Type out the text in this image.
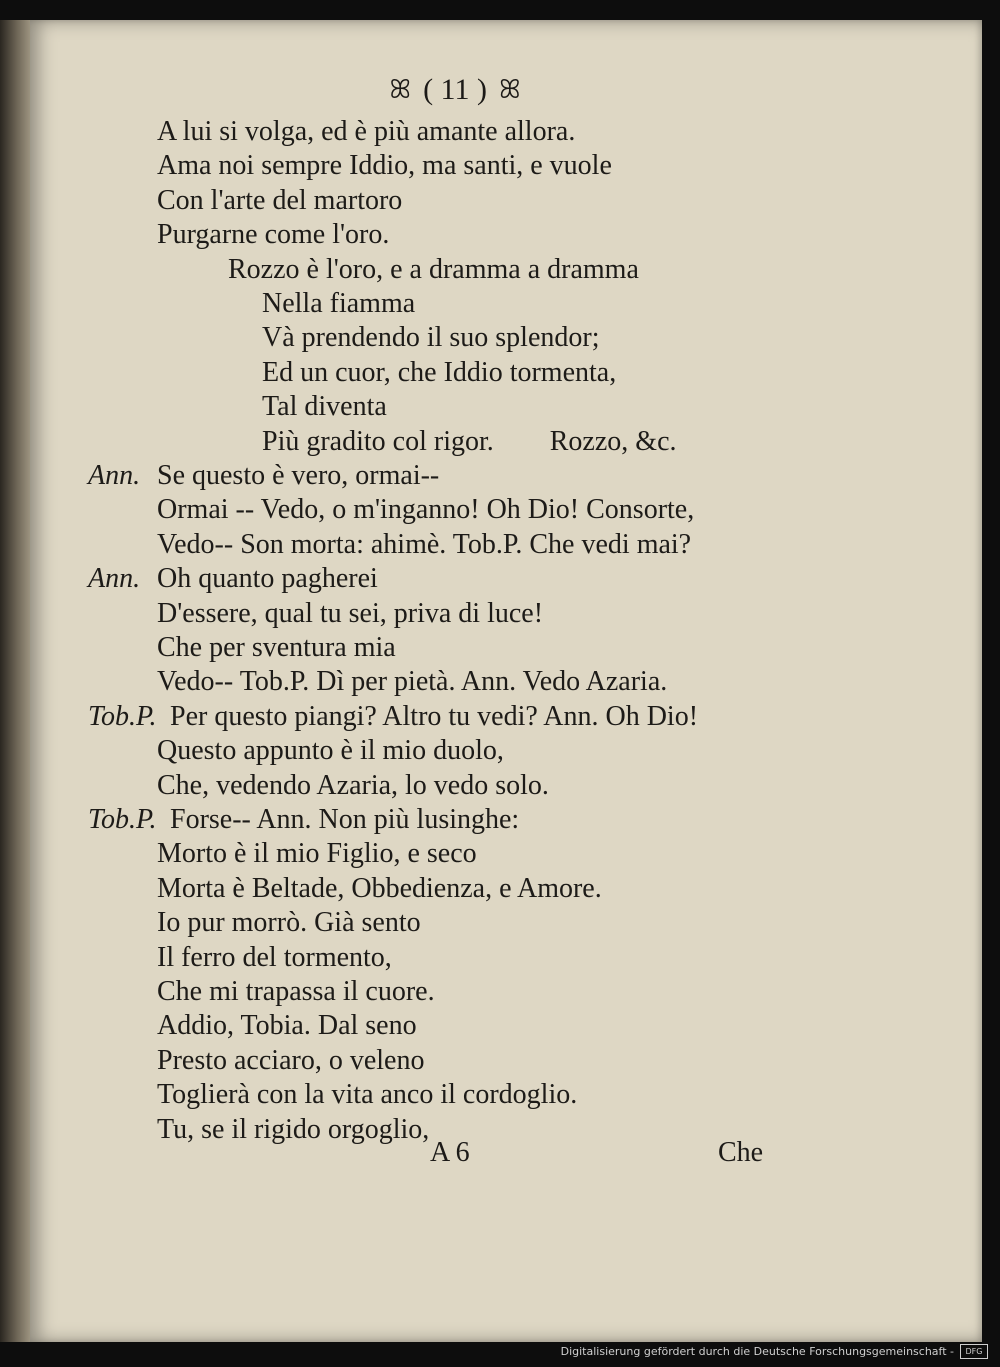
ꕤ ( 11 ) ꕤ
A lui si volga, ed è più amante allora.
Ama noi sempre Iddio, ma santi, e vuole
Con l'arte del martoro
Purgarne come l'oro.
Rozzo è l'oro, e a dramma a dramma
Nella fiamma
Và prendendo il suo splendor;
Ed un cuor, che Iddio tormenta,
Tal diventa
Più gradito col rigor.        Rozzo, &c.
Ann. Se questo è vero, ormai--
Ormai -- Vedo, o m'inganno! Oh Dio! Consorte,
Vedo-- Son morta: ahimè. Tob.P. Che vedi mai?
Ann. Oh quanto pagherei
D'essere, qual tu sei, priva di luce!
Che per sventura mia
Vedo-- Tob.P. Dì per pietà. Ann. Vedo Azaria.
Tob.P. Per questo piangi? Altro tu vedi? Ann. Oh Dio!
Questo appunto è il mio duolo,
Che, vedendo Azaria, lo vedo solo.
Tob.P. Forse-- Ann. Non più lusinghe:
Morto è il mio Figlio, e seco
Morta è Beltade, Obbedienza, e Amore.
Io pur morrò. Già sento
Il ferro del tormento,
Che mi trapassa il cuore.
Addio, Tobia. Dal seno
Presto acciaro, o veleno
Toglierà con la vita anco il cordoglio.
Tu, se il rigido orgoglio,
A 6	Che
Digitalisierung gefördert durch die Deutsche Forschungsgemeinschaft -	DFG
